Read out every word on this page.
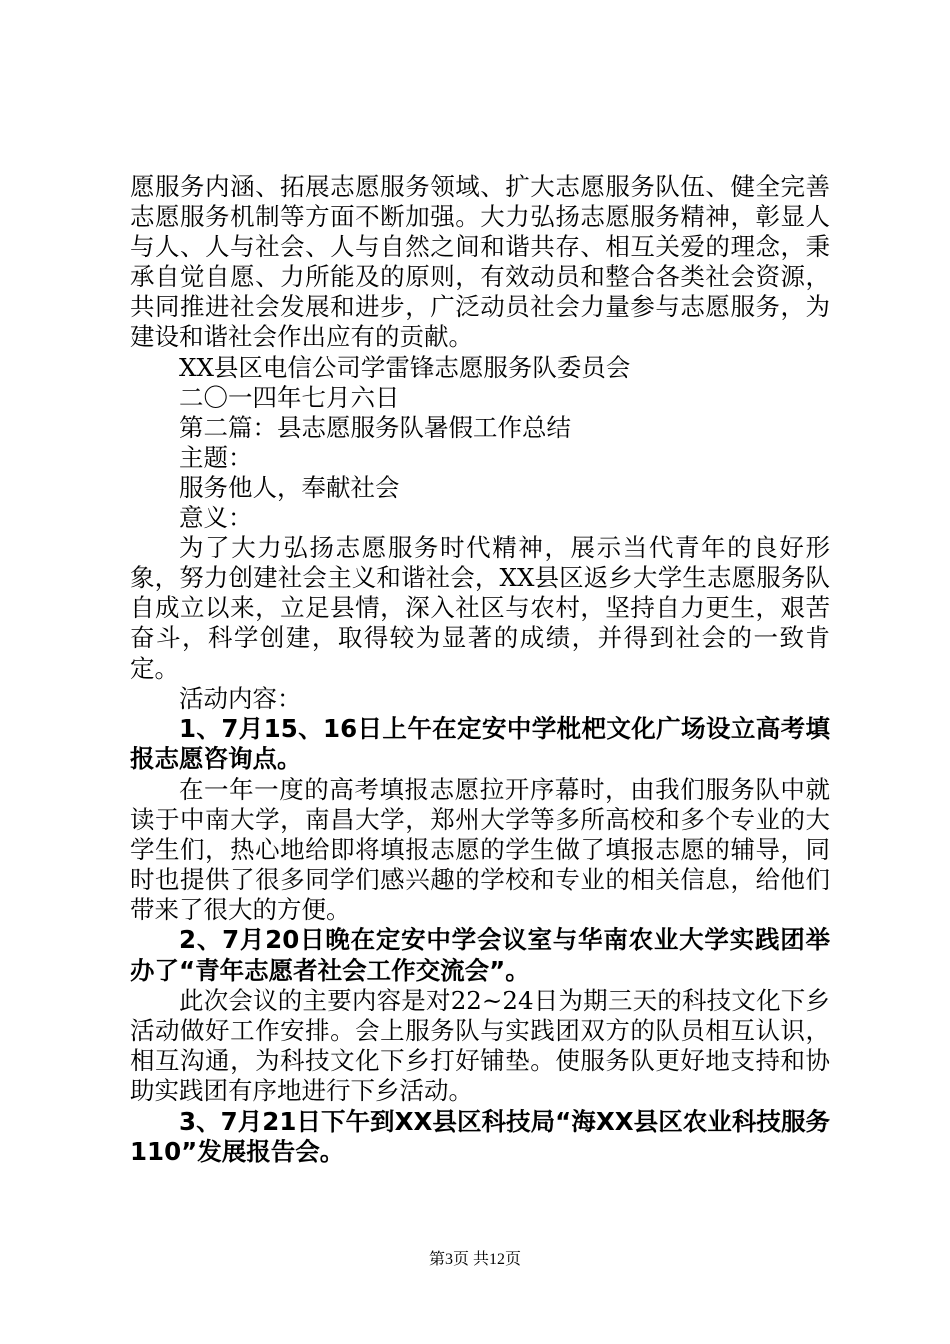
愿服务内涵、拓展志愿服务领域、扩大志愿服务队伍、健全完善志愿服务机制等方面不断加强。大力弘扬志愿服务精神，彰显人与人、人与社会、人与自然之间和谐共存、相互关爱的理念，秉承自觉自愿、力所能及的原则，有效动员和整合各类社会资源，共同推进社会发展和进步，广泛动员社会力量参与志愿服务，为建设和谐社会作出应有的贡献。

XX县区电信公司学雷锋志愿服务队委员会

二〇一四年七月六日

第二篇：县志愿服务队暑假工作总结

主题：

服务他人，奉献社会

意义：

为了大力弘扬志愿服务时代精神，展示当代青年的良好形象，努力创建社会主义和谐社会，XX县区返乡大学生志愿服务队自成立以来，立足县情，深入社区与农村，坚持自力更生，艰苦奋斗，科学创建，取得较为显著的成绩，并得到社会的一致肯定。

活动内容：

1、7月15、16日上午在定安中学枇杷文化广场设立高考填报志愿咨询点。

在一年一度的高考填报志愿拉开序幕时，由我们服务队中就读于中南大学，南昌大学，郑州大学等多所高校和多个专业的大学生们，热心地给即将填报志愿的学生做了填报志愿的辅导，同时也提供了很多同学们感兴趣的学校和专业的相关信息，给他们带来了很大的方便。

2、7月20日晚在定安中学会议室与华南农业大学实践团举办了“青年志愿者社会工作交流会”。

此次会议的主要内容是对22~24日为期三天的科技文化下乡活动做好工作安排。会上服务队与实践团双方的队员相互认识，相互沟通，为科技文化下乡打好铺垫。使服务队更好地支持和协助实践团有序地进行下乡活动。

3、7月21日下午到XX县区科技局“海XX县区农业科技服务110”发展报告会。

第3页 共12页
